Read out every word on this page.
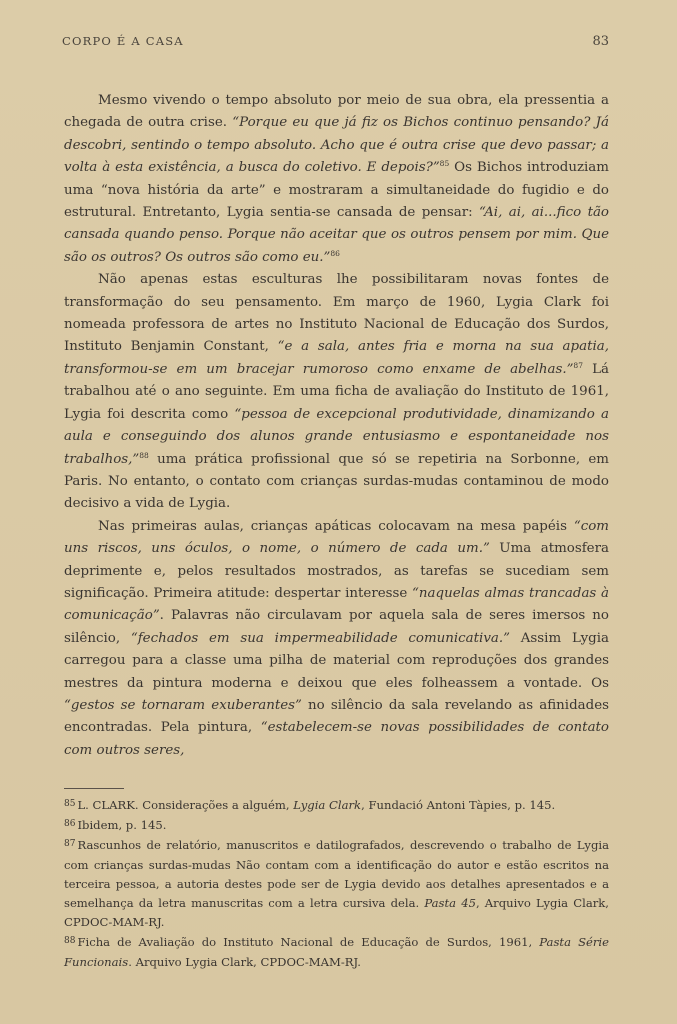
CORPO É A CASA	83

Mesmo vivendo o tempo absoluto por meio de sua obra, ela pressentia a chegada de outra crise. “Porque eu que já fiz os Bichos continuo pensando? Já descobri, sentindo o tempo absoluto. Acho que é outra crise que devo passar; a volta à esta existência, a busca do coletivo. E depois?”$^{85}$ Os Bichos introduziam uma “nova história da arte” e mostraram a simultaneidade do fugidio e do estrutural. Entretanto, Lygia sentia-se cansada de pensar: “Ai, ai, ai...fico tão cansada quando penso. Porque não aceitar que os outros pensem por mim. Que são os outros? Os outros são como eu.”$^{86}$

Não apenas estas esculturas lhe possibilitaram novas fontes de transformação do seu pensamento. Em março de 1960, Lygia Clark foi nomeada professora de artes no Instituto Nacional de Educação dos Surdos, Instituto Benjamin Constant, “e a sala, antes fria e morna na sua apatia, transformou-se em um bracejar rumoroso como enxame de abelhas.”$^{87}$ Lá trabalhou até o ano seguinte. Em uma ficha de avaliação do Instituto de 1961, Lygia foi descrita como “pessoa de excepcional produtividade, dinamizando a aula e conseguindo dos alunos grande entusiasmo e espontaneidade nos trabalhos,”$^{88}$ uma prática profissional que só se repetiria na Sorbonne, em Paris. No entanto, o contato com crianças surdas-mudas contaminou de modo decisivo a vida de Lygia.

Nas primeiras aulas, crianças apáticas colocavam na mesa papéis “com uns riscos, uns óculos, o nome, o número de cada um.” Uma atmosfera deprimente e, pelos resultados mostrados, as tarefas se sucediam sem significação. Primeira atitude: despertar interesse “naquelas almas trancadas à comunicação”. Palavras não circulavam por aquela sala de seres imersos no silêncio, “fechados em sua impermeabilidade comunicativa.” Assim Lygia carregou para a classe uma pilha de material com reproduções dos grandes mestres da pintura moderna e deixou que eles folheassem a vontade. Os “gestos se tornaram exuberantes” no silêncio da sala revelando as afinidades encontradas. Pela pintura, “estabelecem-se novas possibilidades de contato com outros seres,

$^{85}$ L. CLARK. Considerações a alguém, Lygia Clark, Fundació Antoni Tàpies, p. 145.

$^{86}$ Ibidem, p. 145.

$^{87}$ Rascunhos de relatório, manuscritos e datilografados, descrevendo o trabalho de Lygia com crianças surdas-mudas Não contam com a identificação do autor e estão escritos na terceira pessoa, a autoria destes pode ser de Lygia devido aos detalhes apresentados e a semelhança da letra manuscritas com a letra cursiva dela. Pasta 45, Arquivo Lygia Clark, CPDOC-MAM-RJ.

$^{88}$ Ficha de Avaliação do Instituto Nacional de Educação de Surdos, 1961, Pasta Série Funcionais. Arquivo Lygia Clark, CPDOC-MAM-RJ.
